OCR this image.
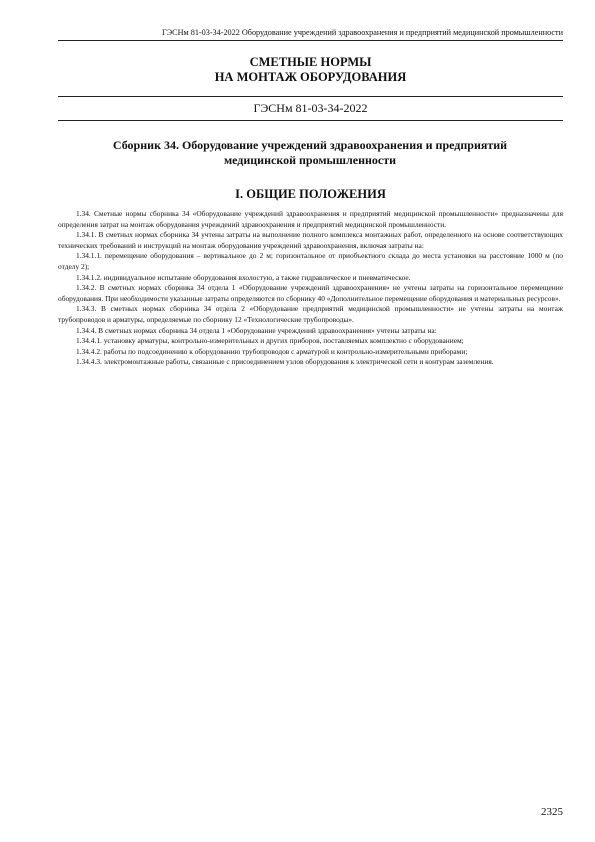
ГЭСНм 81-03-34-2022 Оборудование учреждений здравоохранения и предприятий медицинской промышленности
СМЕТНЫЕ НОРМЫ
НА МОНТАЖ ОБОРУДОВАНИЯ
ГЭСНм 81-03-34-2022
Сборник 34. Оборудование учреждений здравоохранения и предприятий
медицинской промышленности
I. ОБЩИЕ ПОЛОЖЕНИЯ

1.34. Сметные нормы сборника 34 «Оборудование учреждений здравоохранения и предприятий медицинской промышленности» предназначены для определения затрат на монтаж оборудования учреждений здравоохранения и предприятий медицинской промышленности.

1.34.1. В сметных нормах сборника 34 учтены затраты на выполнение полного комплекса монтажных работ, определенного на основе соответствующих технических требований и инструкций на монтаж оборудования учреждений здравоохранения, включая затраты на:

1.34.1.1. перемещение оборудования – вертикальное до 2 м; горизонтальное от приобъектного склада до места установки на расстояние 1000 м (по отделу 2);

1.34.1.2. индивидуальное испытание оборудования вхолостую, а также гидравлическое и пневматическое.

1.34.2. В сметных нормах сборника 34 отдела 1 «Оборудование учреждений здравоохранения» не учтены затраты на горизонтальное перемещение оборудования. При необходимости указанные затраты определяются по сборнику 40 «Дополнительное перемещение оборудования и материальных ресурсов».

1.34.3. В сметных нормах сборника 34 отдела 2 «Оборудование предприятий медицинской промышленности» не учтены затраты на монтаж трубопроводов и арматуры, определяемые по сборнику 12 «Технологические трубопроводы».

1.34.4. В сметных нормах сборника 34 отдела 1 «Оборудование учреждений здравоохранения» учтены затраты на:

1.34.4.1. установку арматуры, контрольно-измерительных и других приборов, поставляемых комплектно с оборудованием;

1.34.4.2. работы по подсоединению к оборудованию трубопроводов с арматурой и контрольно-измерительными приборами;

1.34.4.3. электромонтажные работы, связанные с присоединением узлов оборудования к электрической сети и контурам заземления.

2325
